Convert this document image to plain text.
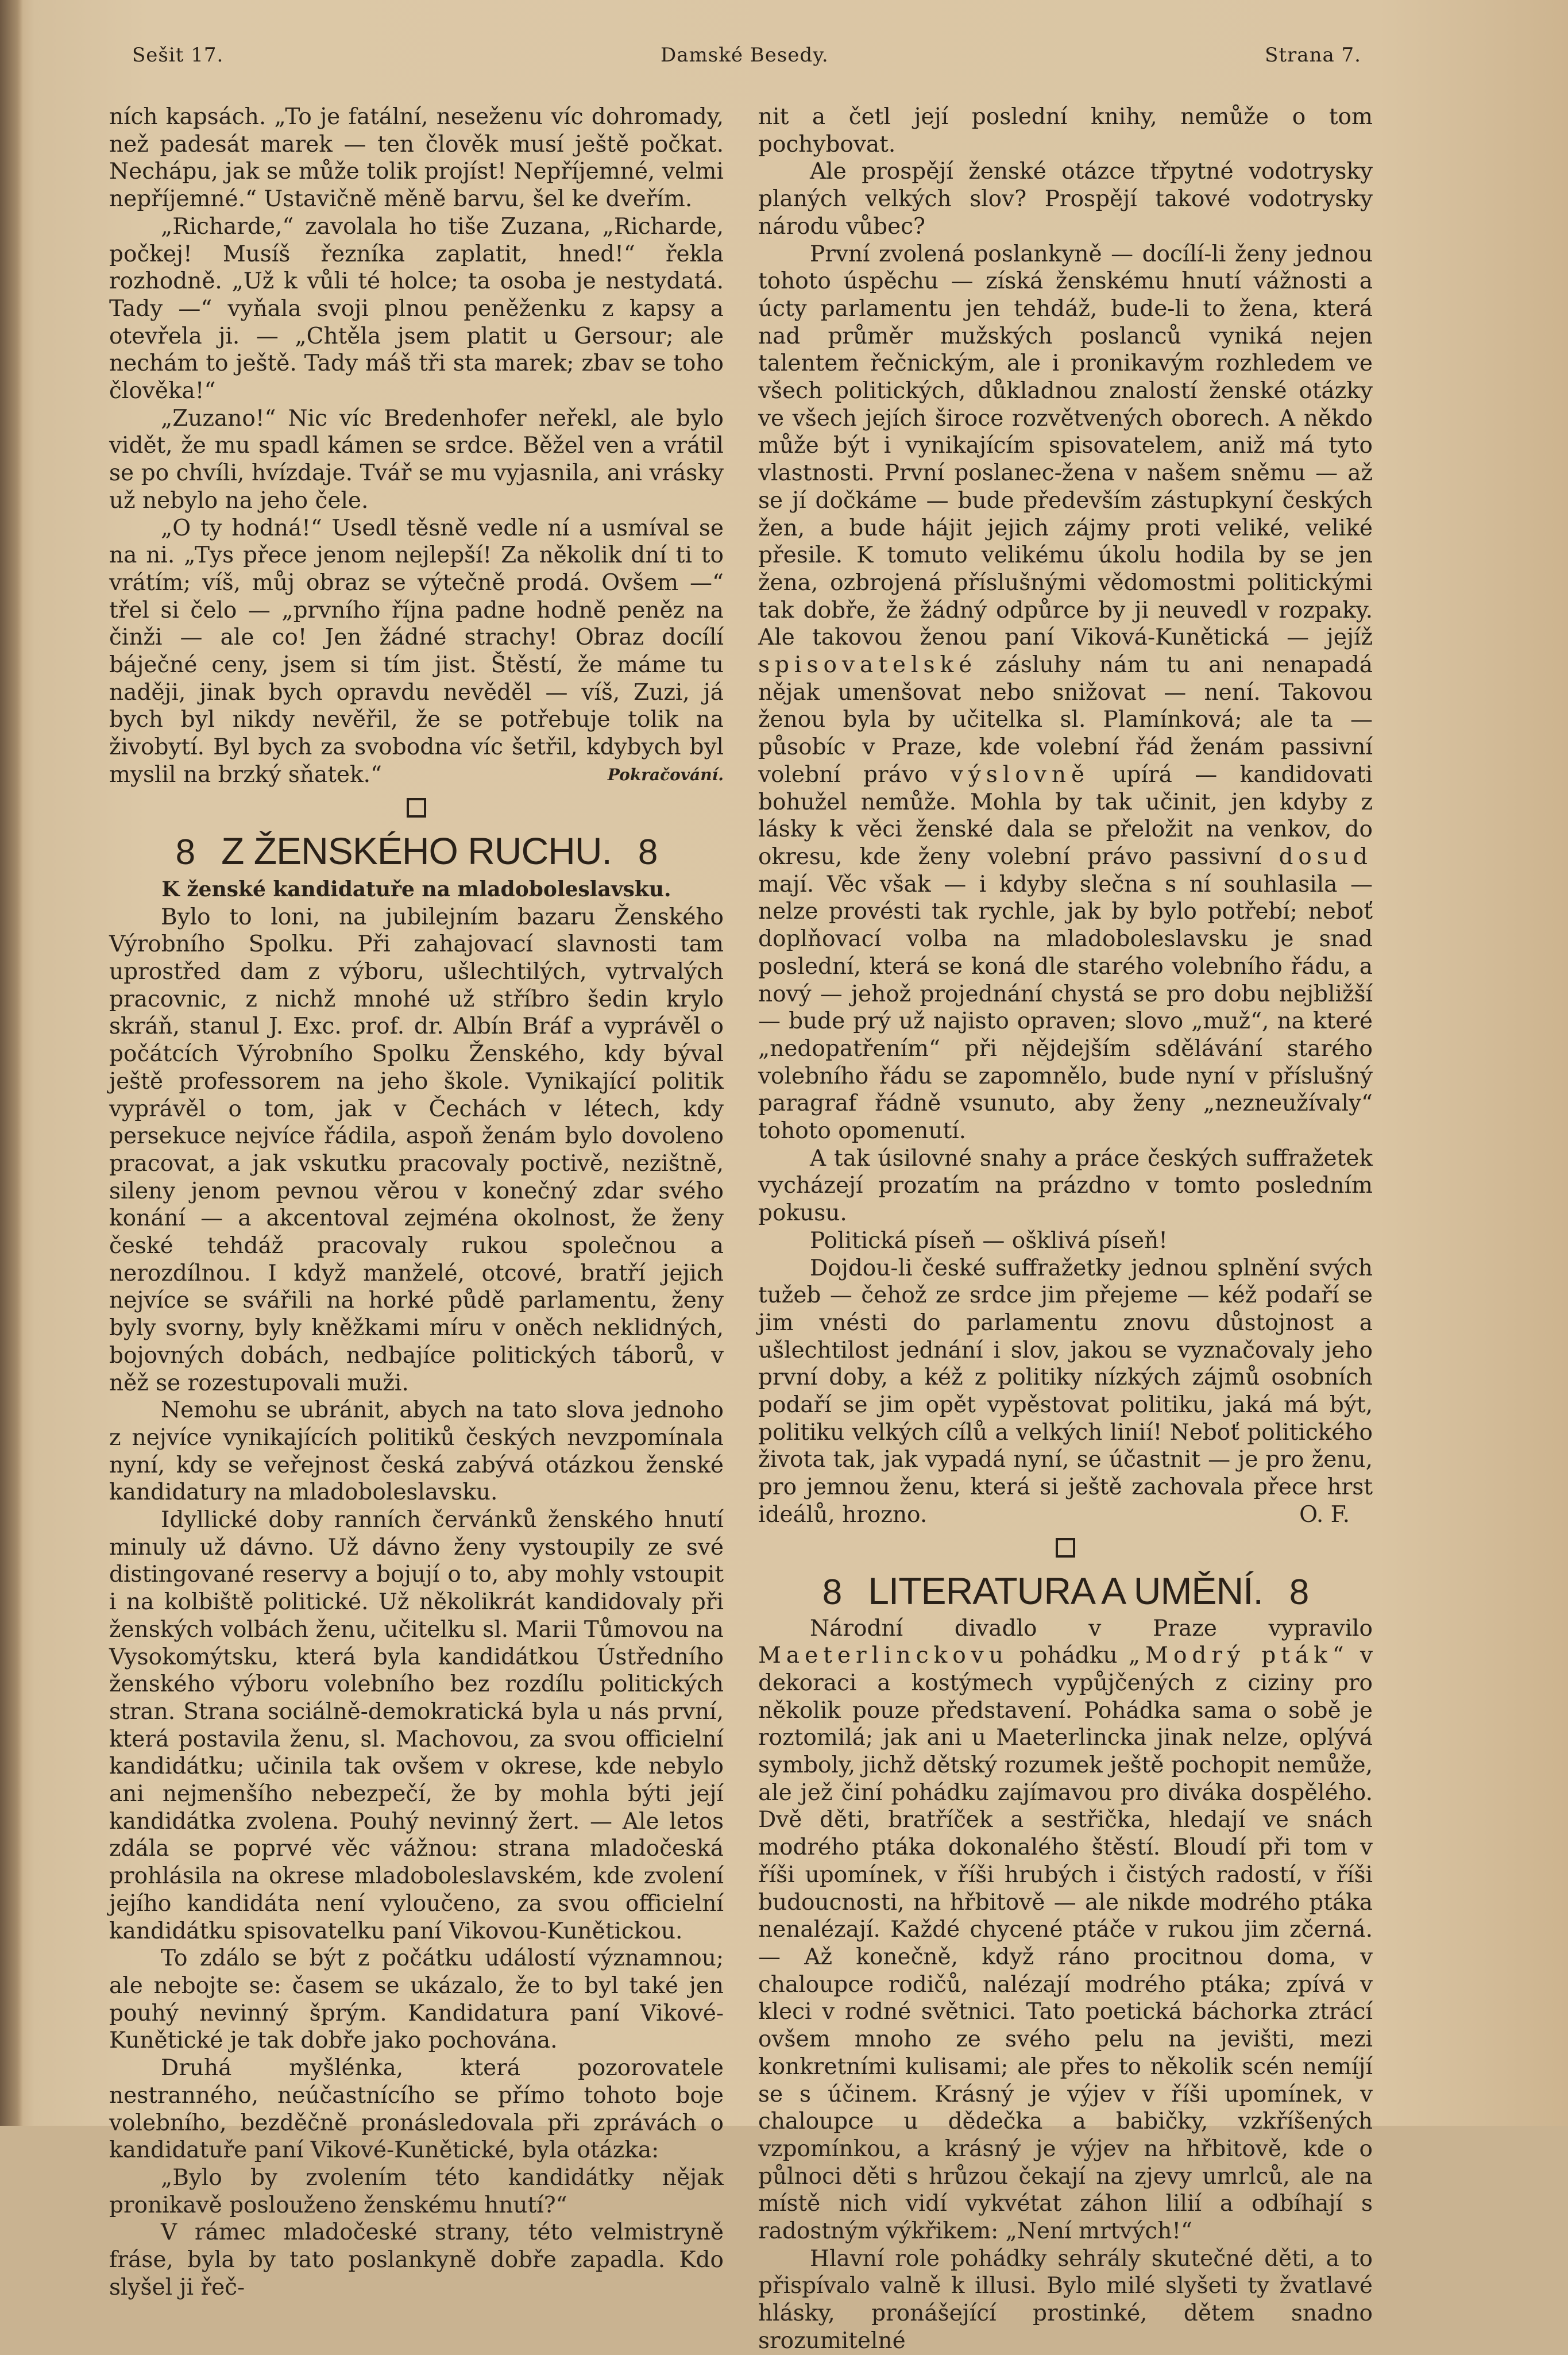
Sešit 17.	Damské Besedy.	Strana 7.

ních kapsách. „To je fatální, neseženu víc dohromady, než padesát marek — ten člověk musí ještě počkat. Nechápu, jak se může tolik projíst! Nepříjemné, velmi nepříjemné.“ Ustavičně měně barvu, šel ke dveřím.

„Richarde,“ zavolala ho tiše Zuzana, „Richarde, počkej! Musíš řezníka zaplatit, hned!“ řekla rozhodně. „Už k vůli té holce; ta osoba je nestydatá. Tady —“ vyňala svoji plnou peněženku z kapsy a otevřela ji. — „Chtěla jsem platit u Gersour; ale nechám to ještě. Tady máš tři sta marek; zbav se toho člověka!“

„Zuzano!“ Nic víc Bredenhofer neřekl, ale bylo vidět, že mu spadl kámen se srdce. Běžel ven a vrátil se po chvíli, hvízdaje. Tvář se mu vyjasnila, ani vrásky už nebylo na jeho čele.

„O ty hodná!“ Usedl těsně vedle ní a usmíval se na ni. „Tys přece jenom nejlepší! Za několik dní ti to vrátím; víš, můj obraz se výtečně prodá. Ovšem —“ třel si čelo — „prvního října padne hodně peněz na činži — ale co! Jen žádné strachy! Obraz docílí báječné ceny, jsem si tím jist. Štěstí, že máme tu naději, jinak bych opravdu nevěděl — víš, Zuzi, já bych byl nikdy nevěřil, že se potřebuje tolik na živobytí. Byl bych za svobodna víc šetřil, kdybych byl myslil na brzký sňatek.“	Pokračování.

8 Z ŽENSKÉHO RUCHU. 8
K ženské kandidatuře na mladoboleslavsku.

Bylo to loni, na jubilejním bazaru Ženského Výrobního Spolku. Při zahajovací slavnosti tam uprostřed dam z výboru, ušlechtilých, vytrvalých pracovnic, z nichž mnohé už stříbro šedin krylo skráň, stanul J. Exc. prof. dr. Albín Bráf a vyprávěl o počátcích Výrobního Spolku Ženského, kdy býval ještě professorem na jeho škole. Vynikající politik vyprávěl o tom, jak v Čechách v létech, kdy persekuce nejvíce řádila, aspoň ženám bylo dovoleno pracovat, a jak vskutku pracovaly poctivě, nezištně, sileny jenom pevnou věrou v konečný zdar svého konání — a akcentoval zejména okolnost, že ženy české tehdáž pracovaly rukou společnou a nerozdílnou. I když manželé, otcové, bratří jejich nejvíce se svářili na horké půdě parlamentu, ženy byly svorny, byly kněžkami míru v oněch neklidných, bojovných dobách, nedbajíce politických táborů, v něž se rozestupovali muži.

Nemohu se ubránit, abych na tato slova jednoho z nejvíce vynikajících politiků českých nevzpomínala nyní, kdy se veřejnost česká zabývá otázkou ženské kandidatury na mladoboleslavsku.

Idyllické doby ranních červánků ženského hnutí minuly už dávno. Už dávno ženy vystoupily ze své distingované reservy a bojují o to, aby mohly vstoupit i na kolbiště politické. Už několikrát kandidovaly při ženských volbách ženu, učitelku sl. Marii Tůmovou na Vysokomýtsku, která byla kandidátkou Ústředního ženského výboru volebního bez rozdílu politických stran. Strana sociálně-demokratická byla u nás první, která postavila ženu, sl. Machovou, za svou officielní kandidátku; učinila tak ovšem v okrese, kde nebylo ani nejmenšího nebezpečí, že by mohla býti její kandidátka zvolena. Pouhý nevinný žert. — Ale letos zdála se poprvé věc vážnou: strana mladočeská prohlásila na okrese mladoboleslavském, kde zvolení jejího kandidáta není vyloučeno, za svou officielní kandidátku spisovatelku paní Vikovou-Kunětickou.

To zdálo se být z počátku událostí významnou; ale nebojte se: časem se ukázalo, že to byl také jen pouhý nevinný šprým. Kandidatura paní Vikové-Kunětické je tak dobře jako pochována.

Druhá myšlénka, která pozorovatele nestranného, neúčastnícího se přímo tohoto boje volebního, bezděčně pronásledovala při zprávách o kandidatuře paní Vikové-Kunětické, byla otázka:

„Bylo by zvolením této kandidátky nějak pronikavě poslouženo ženskému hnutí?“

V rámec mladočeské strany, této velmistryně fráse, byla by tato poslankyně dobře zapadla. Kdo slyšel ji řeč-

nit a četl její poslední knihy, nemůže o tom pochybovat.

Ale prospějí ženské otázce třpytné vodotrysky planých velkých slov? Prospějí takové vodotrysky národu vůbec?

První zvolená poslankyně — docílí-li ženy jednou tohoto úspěchu — získá ženskému hnutí vážnosti a úcty parlamentu jen tehdáž, bude-li to žena, která nad průměr mužských poslanců vyniká nejen talentem řečnickým, ale i pronikavým rozhledem ve všech politických, důkladnou znalostí ženské otázky ve všech jejích široce rozvětvených oborech. A někdo může být i vynikajícím spisovatelem, aniž má tyto vlastnosti. První poslanec-žena v našem sněmu — až se jí dočkáme — bude především zástupkyní českých žen, a bude hájit jejich zájmy proti veliké, veliké přesile. K tomuto velikému úkolu hodila by se jen žena, ozbrojená příslušnými vědomostmi politickými tak dobře, že žádný odpůrce by ji neuvedl v rozpaky. Ale takovou ženou paní Viková-Kunětická — jejíž spisovatelské zásluhy nám tu ani nenapadá nějak umenšovat nebo snižovat — není. Takovou ženou byla by učitelka sl. Plamínková; ale ta — působíc v Praze, kde volební řád ženám passivní volební právo výslovně upírá — kandidovati bohužel nemůže. Mohla by tak učinit, jen kdyby z lásky k věci ženské dala se přeložit na venkov, do okresu, kde ženy volební právo passivní dosud mají. Věc však — i kdyby slečna s ní souhlasila — nelze provésti tak rychle, jak by bylo potřebí; neboť doplňovací volba na mladoboleslavsku je snad poslední, která se koná dle starého volebního řádu, a nový — jehož projednání chystá se pro dobu nejbližší — bude prý už najisto opraven; slovo „muž“, na které „nedopatřením“ při nějdejším sdělávání starého volebního řádu se zapomnělo, bude nyní v příslušný paragraf řádně vsunuto, aby ženy „nezneužívaly“ tohoto opomenutí.

A tak úsilovné snahy a práce českých suffražetek vycházejí prozatím na prázdno v tomto posledním pokusu.

Politická píseň — ošklivá píseň!

Dojdou-li české suffražetky jednou splnění svých tužeb — čehož ze srdce jim přejeme — kéž podaří se jim vnésti do parlamentu znovu důstojnost a ušlechtilost jednání i slov, jakou se vyznačovaly jeho první doby, a kéž z politiky nízkých zájmů osobních podaří se jim opět vypěstovat politiku, jaká má být, politiku velkých cílů a velkých linií! Neboť politického života tak, jak vypadá nyní, se účastnit — je pro ženu, pro jemnou ženu, která si ještě zachovala přece hrst ideálů, hrozno.	O. F.

8 LITERATURA A UMĚNÍ. 8

Národní divadlo v Praze vypravilo Maeterlinckovu pohádku „Modrý pták“ v dekoraci a kostýmech vypůjčených z ciziny pro několik pouze představení. Pohádka sama o sobě je roztomilá; jak ani u Maeterlincka jinak nelze, oplývá symboly, jichž dětský rozumek ještě pochopit nemůže, ale jež činí pohádku zajímavou pro diváka dospělého. Dvě děti, bratříček a sestřička, hledají ve snách modrého ptáka dokonalého štěstí. Bloudí při tom v říši upomínek, v říši hrubých i čistých radostí, v říši budoucnosti, na hřbitově — ale nikde modrého ptáka nenalézají. Každé chycené ptáče v rukou jim zčerná. — Až konečně, když ráno procitnou doma, v chaloupce rodičů, nalézají modrého ptáka; zpívá v kleci v rodné světnici. Tato poetická báchorka ztrácí ovšem mnoho ze svého pelu na jevišti, mezi konkretními kulisami; ale přes to několik scén nemíjí se s účinem. Krásný je výjev v říši upomínek, v chaloupce u dědečka a babičky, vzkříšených vzpomínkou, a krásný je výjev na hřbitově, kde o půlnoci děti s hrůzou čekají na zjevy umrlců, ale na místě nich vidí vykvétat záhon lilií a odbíhají s radostným výkřikem: „Není mrtvých!“

Hlavní role pohádky sehrály skutečné děti, a to přispívalo valně k illusi. Bylo milé slyšeti ty žvatlavé hlásky, pronášející prostinké, dětem snadno srozumitelné
